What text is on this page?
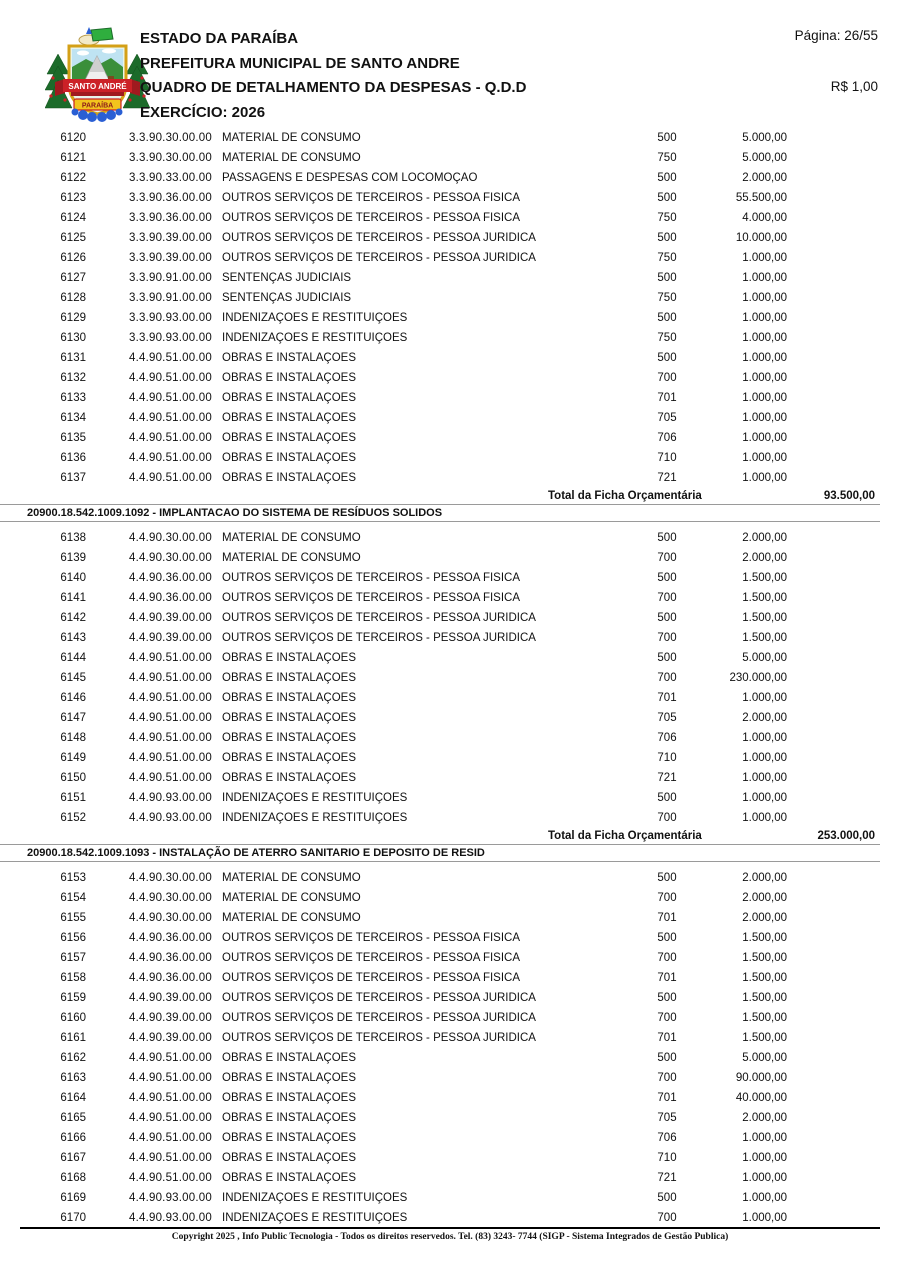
SANTO ANDRÉ
PARAÍBA
ESTADO DA PARAÍBA
PREFEITURA MUNICIPAL DE SANTO ANDRE
QUADRO DE DETALHAMENTO DA DESPESAS - Q.D.D
EXERCÍCIO: 2026
Página: 26/55
R$ 1,00
6120	3.3.90.30.00.00 MATERIAL DE CONSUMO	500	5.000,00
6121	3.3.90.30.00.00 MATERIAL DE CONSUMO	750	5.000,00
6122	3.3.90.33.00.00 PASSAGENS E DESPESAS COM LOCOMOÇÃO	500	2.000,00
6123	3.3.90.36.00.00 OUTROS SERVIÇOS DE TERCEIROS - PESSOA FÍSICA	500	55.500,00
6124	3.3.90.36.00.00 OUTROS SERVIÇOS DE TERCEIROS - PESSOA FÍSICA	750	4.000,00
6125	3.3.90.39.00.00 OUTROS SERVIÇOS DE TERCEIROS - PESSOA JURÍDICA	500	10.000,00
6126	3.3.90.39.00.00 OUTROS SERVIÇOS DE TERCEIROS - PESSOA JURÍDICA	750	1.000,00
6127	3.3.90.91.00.00 SENTENÇAS JUDICIAIS	500	1.000,00
6128	3.3.90.91.00.00 SENTENÇAS JUDICIAIS	750	1.000,00
6129	3.3.90.93.00.00 INDENIZAÇÕES E RESTITUIÇÕES	500	1.000,00
6130	3.3.90.93.00.00 INDENIZAÇÕES E RESTITUIÇÕES	750	1.000,00
6131	4.4.90.51.00.00 OBRAS E INSTALAÇÕES	500	1.000,00
6132	4.4.90.51.00.00 OBRAS E INSTALAÇÕES	700	1.000,00
6133	4.4.90.51.00.00 OBRAS E INSTALAÇÕES	701	1.000,00
6134	4.4.90.51.00.00 OBRAS E INSTALAÇÕES	705	1.000,00
6135	4.4.90.51.00.00 OBRAS E INSTALAÇÕES	706	1.000,00
6136	4.4.90.51.00.00 OBRAS E INSTALAÇÕES	710	1.000,00
6137	4.4.90.51.00.00 OBRAS E INSTALAÇÕES	721	1.000,00
Total da Ficha Orçamentária	93.500,00
20900.18.542.1009.1092 - IMPLANTACAO DO SISTEMA DE RESÍDUOS SOLIDOS
6138	4.4.90.30.00.00 MATERIAL DE CONSUMO	500	2.000,00
6139	4.4.90.30.00.00 MATERIAL DE CONSUMO	700	2.000,00
6140	4.4.90.36.00.00 OUTROS SERVIÇOS DE TERCEIROS - PESSOA FÍSICA	500	1.500,00
6141	4.4.90.36.00.00 OUTROS SERVIÇOS DE TERCEIROS - PESSOA FÍSICA	700	1.500,00
6142	4.4.90.39.00.00 OUTROS SERVIÇOS DE TERCEIROS - PESSOA JURÍDICA	500	1.500,00
6143	4.4.90.39.00.00 OUTROS SERVIÇOS DE TERCEIROS - PESSOA JURÍDICA	700	1.500,00
6144	4.4.90.51.00.00 OBRAS E INSTALAÇÕES	500	5.000,00
6145	4.4.90.51.00.00 OBRAS E INSTALAÇÕES	700	230.000,00
6146	4.4.90.51.00.00 OBRAS E INSTALAÇÕES	701	1.000,00
6147	4.4.90.51.00.00 OBRAS E INSTALAÇÕES	705	2.000,00
6148	4.4.90.51.00.00 OBRAS E INSTALAÇÕES	706	1.000,00
6149	4.4.90.51.00.00 OBRAS E INSTALAÇÕES	710	1.000,00
6150	4.4.90.51.00.00 OBRAS E INSTALAÇÕES	721	1.000,00
6151	4.4.90.93.00.00 INDENIZAÇÕES E RESTITUIÇÕES	500	1.000,00
6152	4.4.90.93.00.00 INDENIZAÇÕES E RESTITUIÇÕES	700	1.000,00
Total da Ficha Orçamentária	253.000,00
20900.18.542.1009.1093 - INSTALAÇÃO DE ATERRO SANITARIO E DEPOSITO DE RESID
6153	4.4.90.30.00.00 MATERIAL DE CONSUMO	500	2.000,00
6154	4.4.90.30.00.00 MATERIAL DE CONSUMO	700	2.000,00
6155	4.4.90.30.00.00 MATERIAL DE CONSUMO	701	2.000,00
6156	4.4.90.36.00.00 OUTROS SERVIÇOS DE TERCEIROS - PESSOA FÍSICA	500	1.500,00
6157	4.4.90.36.00.00 OUTROS SERVIÇOS DE TERCEIROS - PESSOA FÍSICA	700	1.500,00
6158	4.4.90.36.00.00 OUTROS SERVIÇOS DE TERCEIROS - PESSOA FÍSICA	701	1.500,00
6159	4.4.90.39.00.00 OUTROS SERVIÇOS DE TERCEIROS - PESSOA JURÍDICA	500	1.500,00
6160	4.4.90.39.00.00 OUTROS SERVIÇOS DE TERCEIROS - PESSOA JURÍDICA	700	1.500,00
6161	4.4.90.39.00.00 OUTROS SERVIÇOS DE TERCEIROS - PESSOA JURÍDICA	701	1.500,00
6162	4.4.90.51.00.00 OBRAS E INSTALAÇÕES	500	5.000,00
6163	4.4.90.51.00.00 OBRAS E INSTALAÇÕES	700	90.000,00
6164	4.4.90.51.00.00 OBRAS E INSTALAÇÕES	701	40.000,00
6165	4.4.90.51.00.00 OBRAS E INSTALAÇÕES	705	2.000,00
6166	4.4.90.51.00.00 OBRAS E INSTALAÇÕES	706	1.000,00
6167	4.4.90.51.00.00 OBRAS E INSTALAÇÕES	710	1.000,00
6168	4.4.90.51.00.00 OBRAS E INSTALAÇÕES	721	1.000,00
6169	4.4.90.93.00.00 INDENIZAÇÕES E RESTITUIÇÕES	500	1.000,00
6170	4.4.90.93.00.00 INDENIZAÇÕES E RESTITUIÇÕES	700	1.000,00
Copyright 2025 , Info Public Tecnologia - Todos os direitos reservedos. Tel. (83) 3243- 7744 (SIGP - Sistema Integrados de Gestão Publica)
